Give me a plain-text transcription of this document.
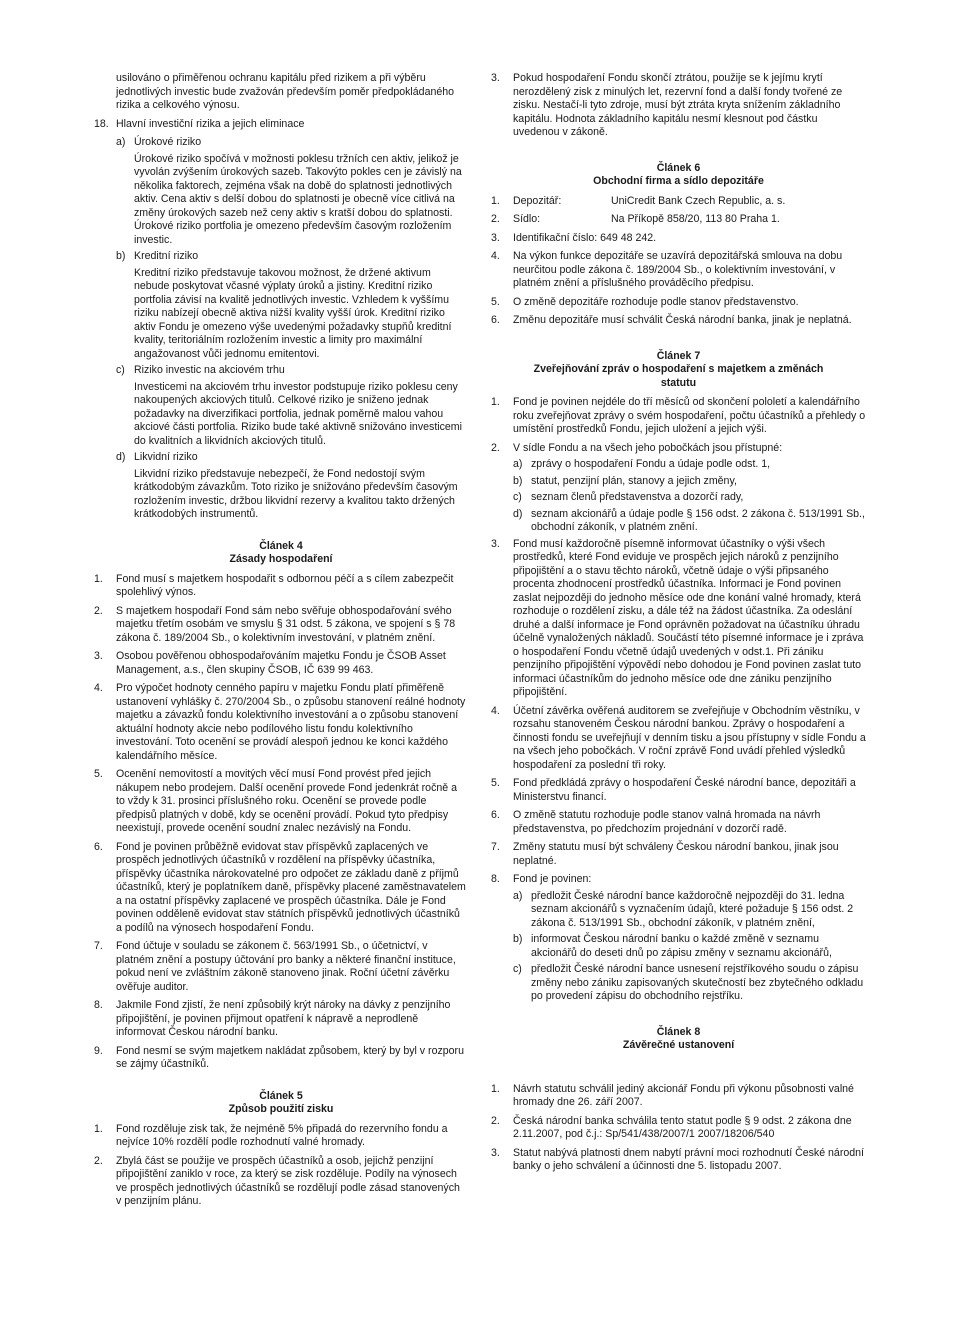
usilováno o přiměřenou ochranu kapitálu před rizikem a při výběru jednotlivých investic bude zvažován především poměr předpokládaného rizika a celkového výnosu.

18. Hlavní investiční rizika a jejich eliminace
a) Úrokové riziko

Úrokové riziko spočívá v možnosti poklesu tržních cen aktiv, jelikož je vyvolán zvýšením úrokových sazeb. Takovýto pokles cen je závislý na několika faktorech, zejména však na době do splatnosti jednotlivých aktiv. Cena aktiv s delší dobou do splatnosti je obecně více citlivá na změny úrokových sazeb než ceny aktiv s kratší dobou do splatnosti. Úrokové riziko portfolia je omezeno především časovým rozložením investic.

b) Kreditní riziko

Kreditní riziko představuje takovou možnost, že držené aktivum nebude poskytovat včasné výplaty úroků a jistiny. Kreditní riziko portfolia závisí na kvalitě jednotlivých investic. Vzhledem k vyššímu riziku nabízejí obecně aktiva nižší kvality vyšší úrok. Kreditní riziko aktiv Fondu je omezeno výše uvedenými požadavky stupňů kreditní kvality, teritoriálním rozložením investic a limity pro maximální angažovanost vůči jednomu emitentovi.

c) Riziko investic na akciovém trhu

Investicemi na akciovém trhu investor podstupuje riziko poklesu ceny nakoupených akciových titulů. Celkové riziko je sniženo jednak požadavky na diverzifikaci portfolia, jednak poměrně malou vahou akciové části portfolia. Riziko bude také aktivně snižováno investicemi do kvalitních a likvidních akciových titulů.

d) Likvidní riziko

Likvidní riziko představuje nebezpečí, že Fond nedostojí svým krátkodobým závazkům. Toto riziko je snižováno především časovým rozložením investic, držbou likvidní rezervy a kvalitou takto držených krátkodobých instrumentů.

Článek 4

Zásady hospodaření

1.	Fond musí s majetkem hospodařit s odbornou péčí a s cílem zabezpečit spolehlivý výnos.
2.	S majetkem hospodaří Fond sám nebo svěřuje obhospodařování svého majetku třetím osobám ve smyslu § 31 odst. 5 zákona, ve spojení s § 78 zákona č. 189/2004 Sb., o kolektivním investování, v platném znění.
3.	Osobou pověřenou obhospodařováním majetku Fondu je ČSOB Asset Management, a.s., člen skupiny ČSOB, IČ 639 99 463.
4.	Pro výpočet hodnoty cenného papíru v majetku Fondu platí přiměřeně ustanovení vyhlášky č. 270/2004 Sb., o způsobu stanovení reálné hodnoty majetku a závazků fondu kolektivního investování a o způsobu stanovení aktuální hodnoty akcie nebo podílového listu fondu kolektivního investování. Toto ocenění se provádí alespoň jednou ke konci každého kalendářního měsíce.
5.	Ocenění nemovitostí a movitých věcí musí Fond provést před jejich nákupem nebo prodejem. Další ocenění provede Fond jedenkrát ročně a to vždy k 31. prosinci příslušného roku. Ocenění se provede podle předpisů platných v době, kdy se ocenění provádí. Pokud tyto předpisy neexistují, provede ocenění soudní znalec nezávislý na Fondu.
6.	Fond je povinen průběžně evidovat stav příspěvků zaplacených ve prospěch jednotlivých účastníků v rozdělení na příspěvky účastníka, příspěvky účastníka nárokovatelné pro odpočet ze základu daně z příjmů účastníků, který je poplatníkem daně, příspěvky placené zaměstnavatelem a na ostatní příspěvky zaplacené ve prospěch účastníka. Dále je Fond povinen odděleně evidovat stav státních příspěvků jednotlivých účastníků a podílů na výnosech hospodaření Fondu.
7.	Fond účtuje v souladu se zákonem č. 563/1991 Sb., o účetnictví, v platném znění a postupy účtování pro banky a některé finanční instituce, pokud není ve zvláštním zákoně stanoveno jinak. Roční účetní závěrku ověřuje auditor.
8.	Jakmile Fond zjistí, že není způsobilý krýt nároky na dávky z penzijního připojištění, je povinen přijmout opatření k nápravě a neprodleně informovat Českou národní banku.
9.	Fond nesmí se svým majetkem nakládat způsobem, který by byl v rozporu se zájmy účastníků.

Článek 5

Způsob použití zisku

1.	Fond rozděluje zisk tak, že nejméně 5% připadá do rezervního fondu a nejvíce 10% rozdělí podle rozhodnutí valné hromady.
2.	Zbylá část se použije ve prospěch účastníků a osob, jejichž penzijní připojištění zaniklo v roce, za který se zisk rozděluje. Podíly na výnosech ve prospěch jednotlivých účastníků se rozdělují podle zásad stanovených v penzijním plánu.
3.	Pokud hospodaření Fondu skončí ztrátou, použije se k jejímu krytí nerozdělený zisk z minulých let, rezervní fond a další fondy tvořené ze zisku. Nestačí-li tyto zdroje, musí být ztráta kryta snížením základního kapitálu. Hodnota základního kapitálu nesmí klesnout pod částku uvedenou v zákoně.

Článek 6

Obchodní firma a sídlo depozitáře

1.	Depozitář:	UniCredit Bank Czech Republic, a. s.
2.	Sídlo:	Na Příkopě 858/20, 113 80 Praha 1.
3.	Identifikační číslo: 649 48 242.
4.	Na výkon funkce depozitáře se uzavírá depozitářská smlouva na dobu neurčitou podle zákona č. 189/2004 Sb., o kolektivním investování, v platném znění a příslušného prováděcího předpisu.
5.	O změně depozitáře rozhoduje podle stanov představenstvo.
6.	Změnu depozitáře musí schválit Česká národní banka, jinak je neplatná.

Článek 7

Zveřejňování zpráv o hospodaření s majetkem a změnách statutu

1.	Fond je povinen nejdéle do tří měsíců od skončení pololetí a kalendářního roku zveřejňovat zprávy o svém hospodaření, počtu účastníků a přehledy o umístění prostředků Fondu, jejich uložení a jejich výši.
2.	V sídle Fondu a na všech jeho pobočkách jsou přístupné:
a) zprávy o hospodaření Fondu a údaje podle odst. 1,
b) statut, penzijní plán, stanovy a jejich změny,
c) seznam členů představenstva a dozorčí rady,
d) seznam akcionářů a údaje podle § 156 odst. 2 zákona č. 513/1991 Sb., obchodní zákoník, v platném znění.
3.	Fond musí každoročně písemně informovat účastníky o výši všech prostředků, které Fond eviduje ve prospěch jejich nároků z penzijního připojištění a o stavu těchto nároků, včetně údaje o výši připsaného procenta zhodnocení prostředků účastníka. Informaci je Fond povinen zaslat nejpozději do jednoho měsíce ode dne konání valné hromady, která rozhoduje o rozdělení zisku, a dále též na žádost účastníka. Za odeslání druhé a další informace je Fond oprávněn požadovat na účastníku úhradu účelně vynaložených nákladů. Součástí této písemné informace je i zpráva o hospodaření Fondu včetně údajů uvedených v odst.1. Při zániku penzijního připojištění výpovědí nebo dohodou je Fond povinen zaslat tuto informaci účastníkům do jednoho měsíce ode dne zániku penzijního připojištění.
4.	Účetní závěrka ověřená auditorem se zveřejňuje v Obchodním věstníku, v rozsahu stanoveném Českou národní bankou. Zprávy o hospodaření a činnosti fondu se uveřejňují v denním tisku a jsou přístupny v sídle Fondu a na všech jeho pobočkách. V roční zprávě Fond uvádí přehled výsledků hospodaření za poslední tři roky.
5.	Fond předkládá zprávy o hospodaření České národní bance, depozitáři a Ministerstvu financí.
6.	O změně statutu rozhoduje podle stanov valná hromada na návrh představenstva, po předchozím projednání v dozorčí radě.
7.	Změny statutu musí být schváleny Českou národní bankou, jinak jsou neplatné.
8.	Fond je povinen:
a) předložit České národní bance každoročně nejpozději do 31. ledna seznam akcionářů s vyznačením údajů, které požaduje § 156 odst. 2 zákona č. 513/1991 Sb., obchodní zákoník, v platném znění,
b) informovat Českou národní banku o každé změně v seznamu akcionářů do deseti dnů po zápisu změny v seznamu akcionářů,
c) předložit České národní bance usnesení rejstříkového soudu o zápisu změny nebo zániku zapisovaných skutečností bez zbytečného odkladu po provedení zápisu do obchodního rejstříku.

Článek 8

Závěrečné ustanovení

1.	Návrh statutu schválil jediný akcionář Fondu při výkonu působnosti valné hromady dne 26. září 2007.
2.	Česká národní banka schválila tento statut podle § 9 odst. 2 zákona dne 2.11.2007, pod č.j.: Sp/541/438/2007/1 2007/18206/540
3.	Statut nabývá platnosti dnem nabytí právní moci rozhodnutí České národní banky o jeho schválení a účinnosti dne 5. listopadu 2007.
